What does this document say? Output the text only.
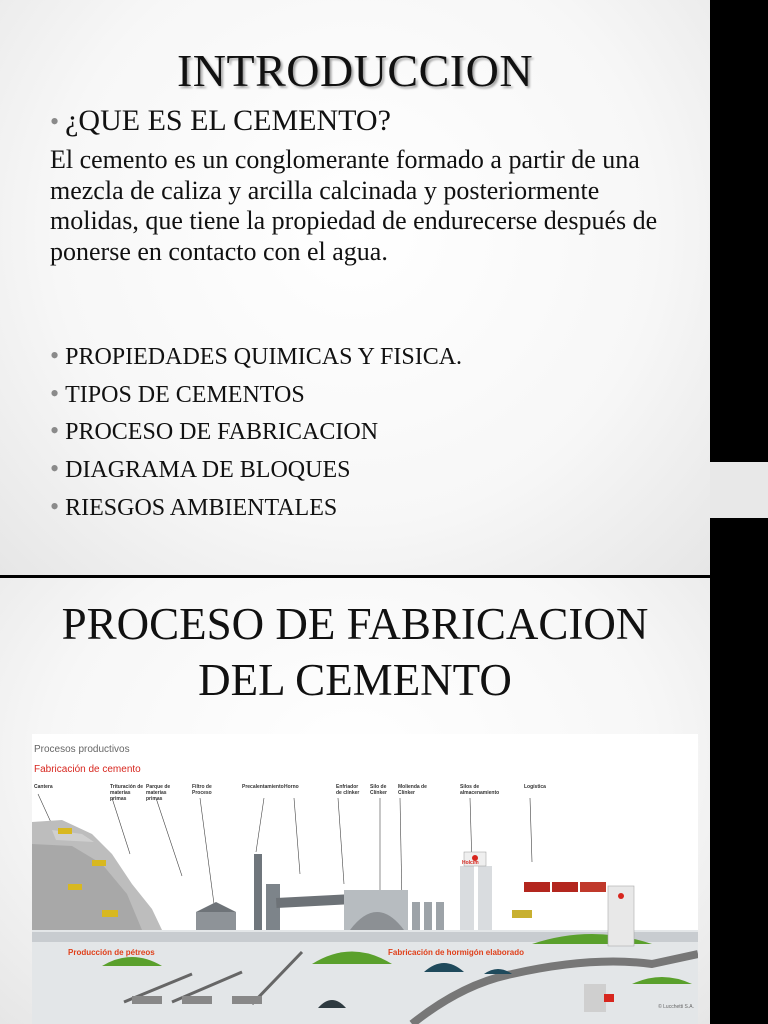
INTRODUCCION
• ¿QUE ES EL CEMENTO?
El cemento es un conglomerante formado a partir de una mezcla de caliza y arcilla calcinada y posteriormente molidas, que tiene la propiedad de endurecerse después de ponerse en contacto con el agua.
• PROPIEDADES QUIMICAS Y FISICA.
• TIPOS DE CEMENTOS
• PROCESO DE FABRICACION
• DIAGRAMA DE BLOQUES
• RIESGOS AMBIENTALES
PROCESO DE FABRICACION
DEL CEMENTO
Procesos productivos
Fabricación de cemento
Cantera	Trituración de materias primas
Parque de materias primas
Filtro de Proceso
Precalentamiento Horno	Enfriador de clínker
Silo de Clínker
Molienda de Clínker
Silos de almacenamiento
Logística
Producción de pétreos	Fabricación de hormigón elaborado
Holcim
© Lucchetti S.A.
